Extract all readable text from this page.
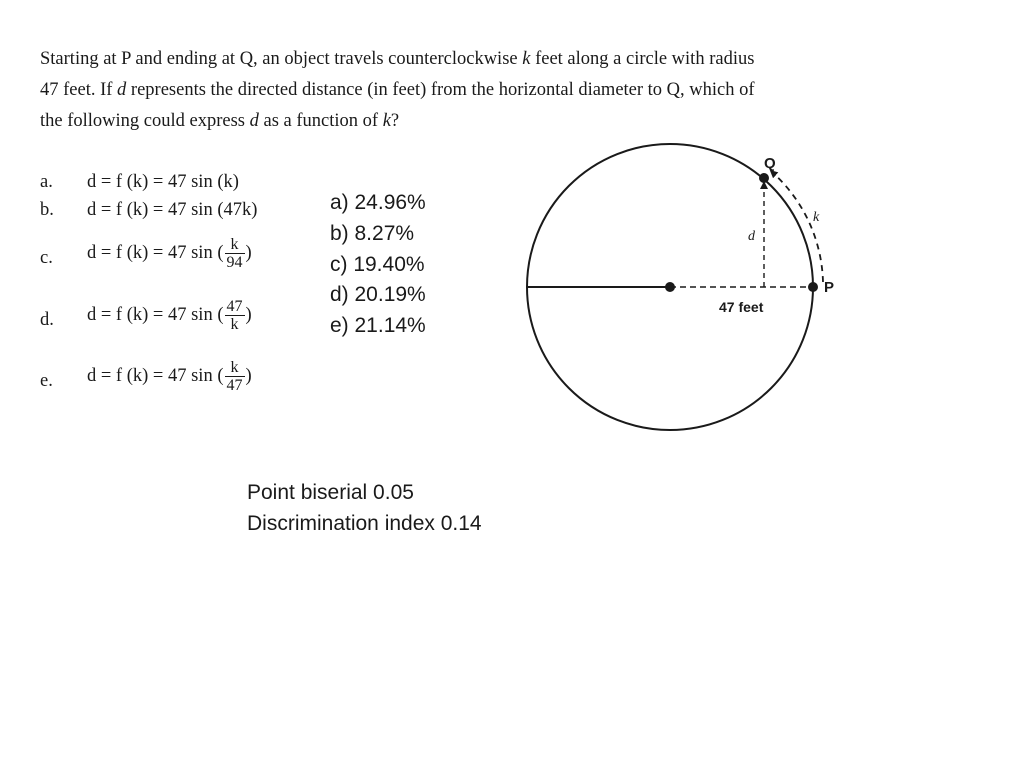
Starting at P and ending at Q, an object travels counterclockwise k feet along a circle with radius
47 feet. If d represents the directed distance (in feet) from the horizontal diameter to Q, which of
the following could express d as a function of k?
a. d = f (k) = 47 sin (k)
b. d = f (k) = 47 sin (47k)
c. d = f (k) = 47 sin ( $\frac{k}{94}$ )
d. d = f (k) = 47 sin ( $\frac{47}{k}$ )
e. d = f (k) = 47 sin ( $\frac{k}{47}$ )
a) 24.96%
b) 8.27%
c) 19.40%
d) 20.19%
e) 21.14%
Q
P
k
d
47 feet
Point biserial 0.05
Discrimination index 0.14
